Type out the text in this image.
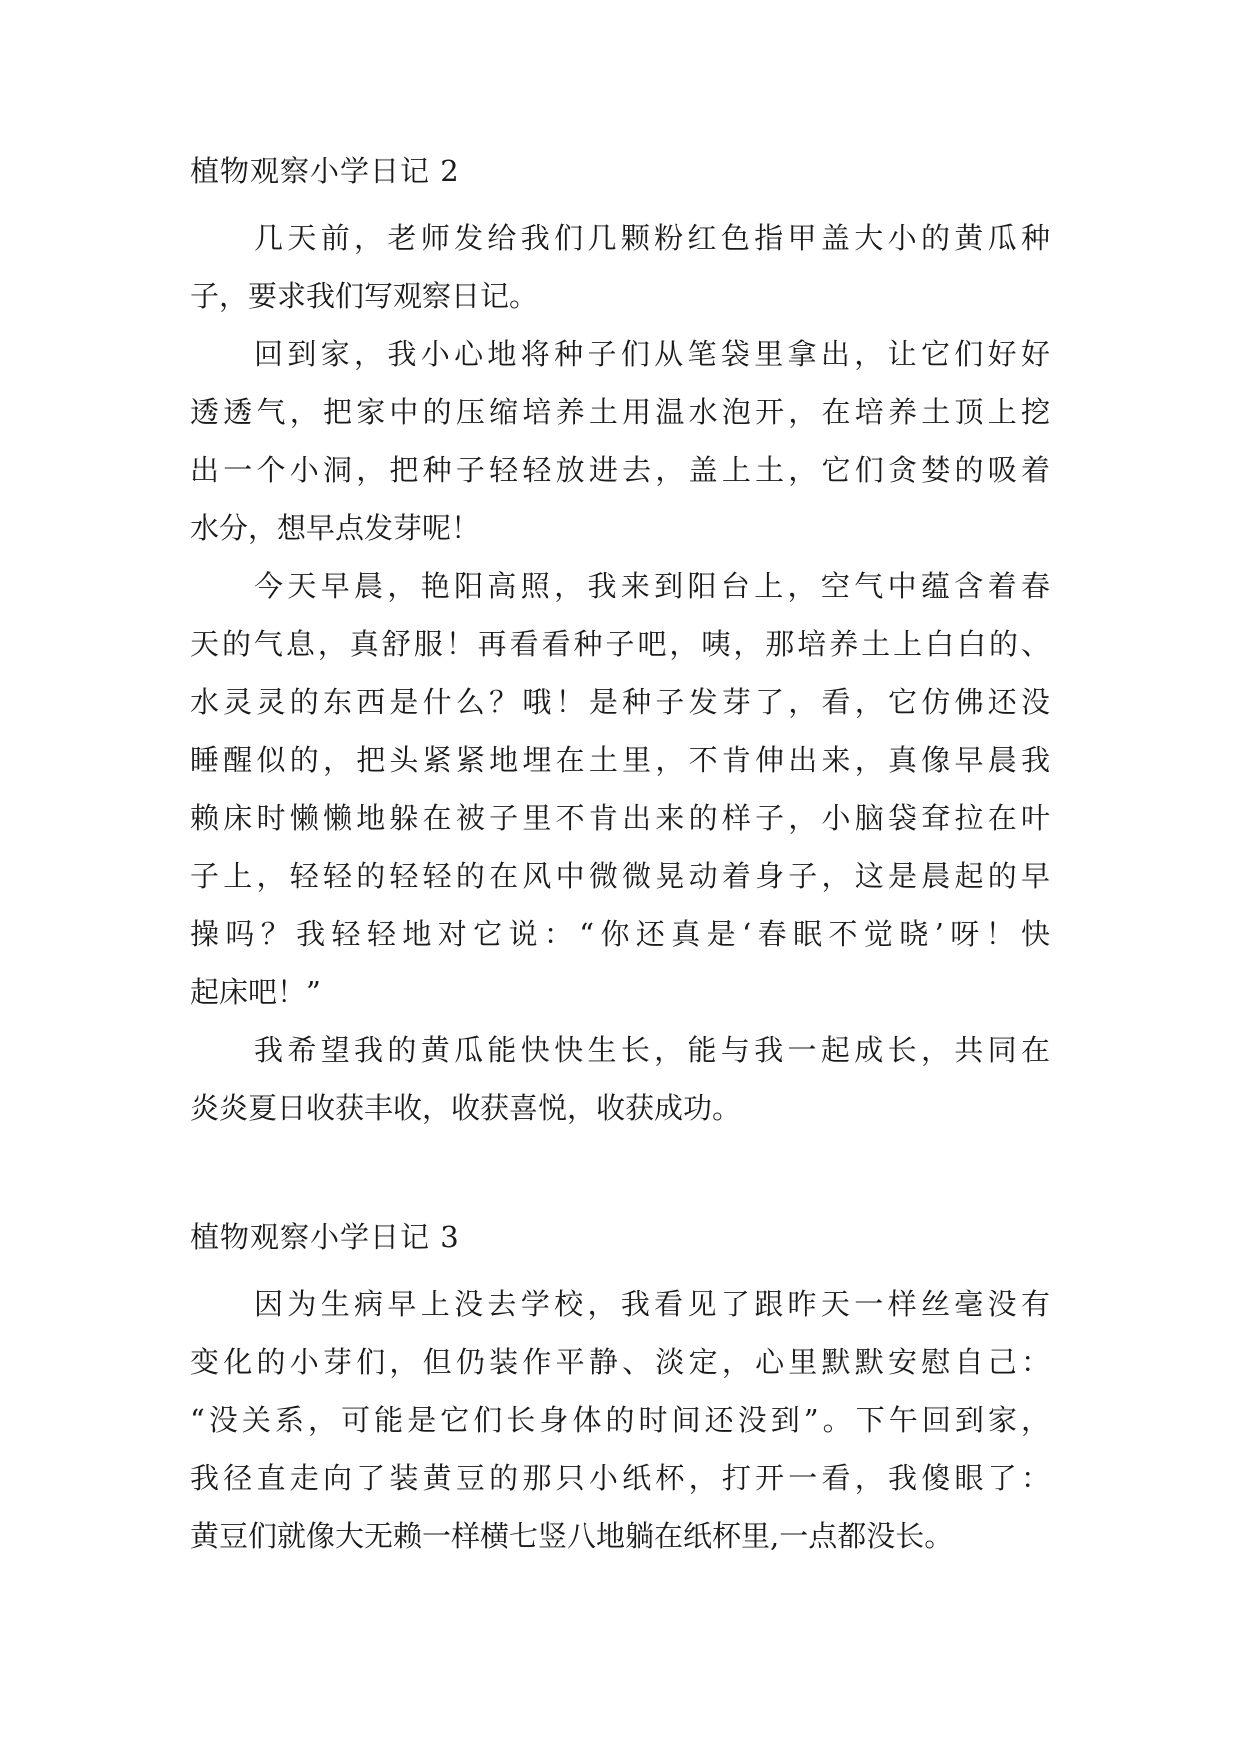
植物观察小学日记 2
几天前，老师发给我们几颗粉红色指甲盖大小的黄瓜种
子，要求我们写观察日记。
回到家，我小心地将种子们从笔袋里拿出，让它们好好
透透气，把家中的压缩培养土用温水泡开，在培养土顶上挖
出一个小洞，把种子轻轻放进去，盖上土，它们贪婪的吸着
水分，想早点发芽呢！
今天早晨，艳阳高照，我来到阳台上，空气中蕴含着春
天的气息，真舒服！再看看种子吧，咦，那培养土上白白的、
水灵灵的东西是什么？哦！是种子发芽了，看，它仿佛还没
睡醒似的，把头紧紧地埋在土里，不肯伸出来，真像早晨我
赖床时懒懒地躲在被子里不肯出来的样子，小脑袋耷拉在叶
子上，轻轻的轻轻的在风中微微晃动着身子，这是晨起的早
操吗？我轻轻地对它说：“你还真是‘春眠不觉晓’呀！快
起床吧！”
我希望我的黄瓜能快快生长，能与我一起成长，共同在
炎炎夏日收获丰收，收获喜悦，收获成功。
植物观察小学日记 3
因为生病早上没去学校，我看见了跟昨天一样丝毫没有
变化的小芽们，但仍装作平静、淡定，心里默默安慰自己：
“没关系，可能是它们长身体的时间还没到”。下午回到家，
我径直走向了装黄豆的那只小纸杯，打开一看，我傻眼了：
黄豆们就像大无赖一样横七竖八地躺在纸杯里,一点都没长。
